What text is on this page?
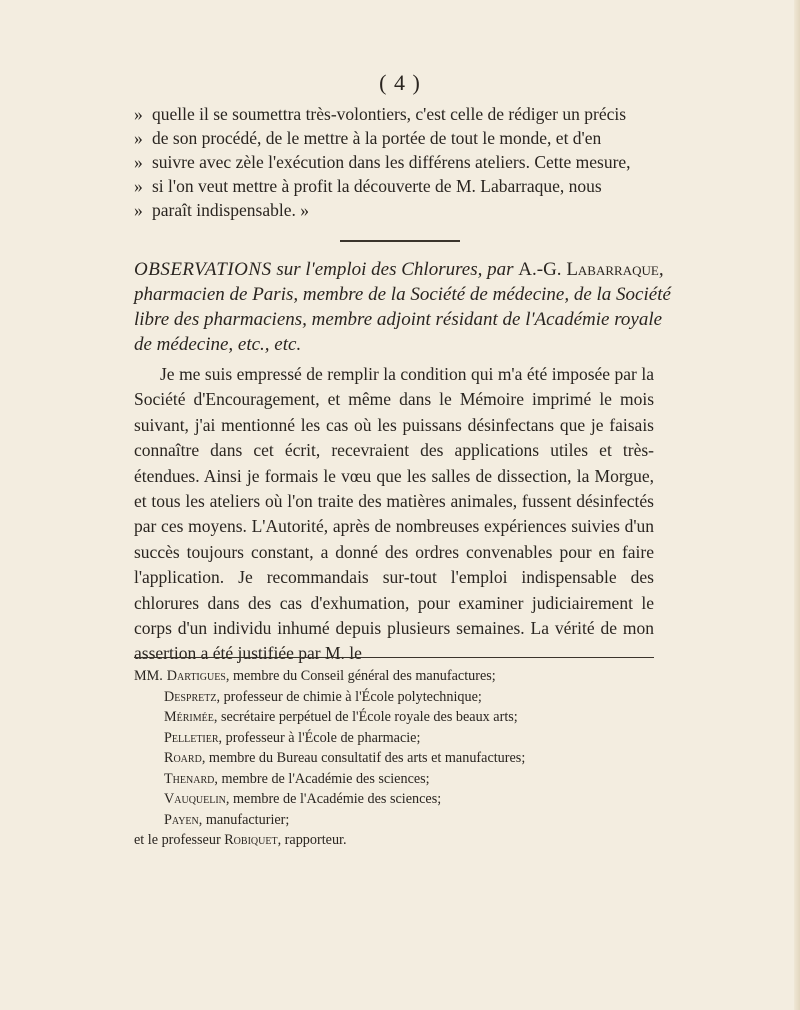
( 4 )
» quelle il se soumettra très-volontiers, c'est celle de rédiger un précis
» de son procédé, de le mettre à la portée de tout le monde, et d'en
» suivre avec zèle l'exécution dans les différens ateliers. Cette mesure,
» si l'on veut mettre à profit la découverte de M. Labarraque, nous
» paraît indispensable. »
OBSERVATIONS sur l'emploi des Chlorures, par A.-G. Labarraque, pharmacien de Paris, membre de la Société de médecine, de la Société libre des pharmaciens, membre adjoint résidant de l'Académie royale de médecine, etc., etc.

Je me suis empressé de remplir la condition qui m'a été imposée par la Société d'Encouragement, et même dans le Mémoire imprimé le mois suivant, j'ai mentionné les cas où les puissans désinfectans que je faisais connaître dans cet écrit, recevraient des applications utiles et très-étendues. Ainsi je formais le vœu que les salles de dissection, la Morgue, et tous les ateliers où l'on traite des matières animales, fussent désinfectés par ces moyens. L'Autorité, après de nombreuses expériences suivies d'un succès toujours constant, a donné des ordres convenables pour en faire l'application. Je recommandais sur-tout l'emploi indispensable des chlorures dans des cas d'exhumation, pour examiner judiciairement le corps d'un individu inhumé depuis plusieurs semaines. La vérité de mon assertion a été justifiée par M. le

MM. Dartigues, membre du Conseil général des manufactures;
Despretz, professeur de chimie à l'École polytechnique;
Mérimée, secrétaire perpétuel de l'École royale des beaux arts;
Pelletier, professeur à l'École de pharmacie;
Roard, membre du Bureau consultatif des arts et manufactures;
Thenard, membre de l'Académie des sciences;
Vauquelin, membre de l'Académie des sciences;
Payen, manufacturier;
et le professeur Robiquet, rapporteur.
